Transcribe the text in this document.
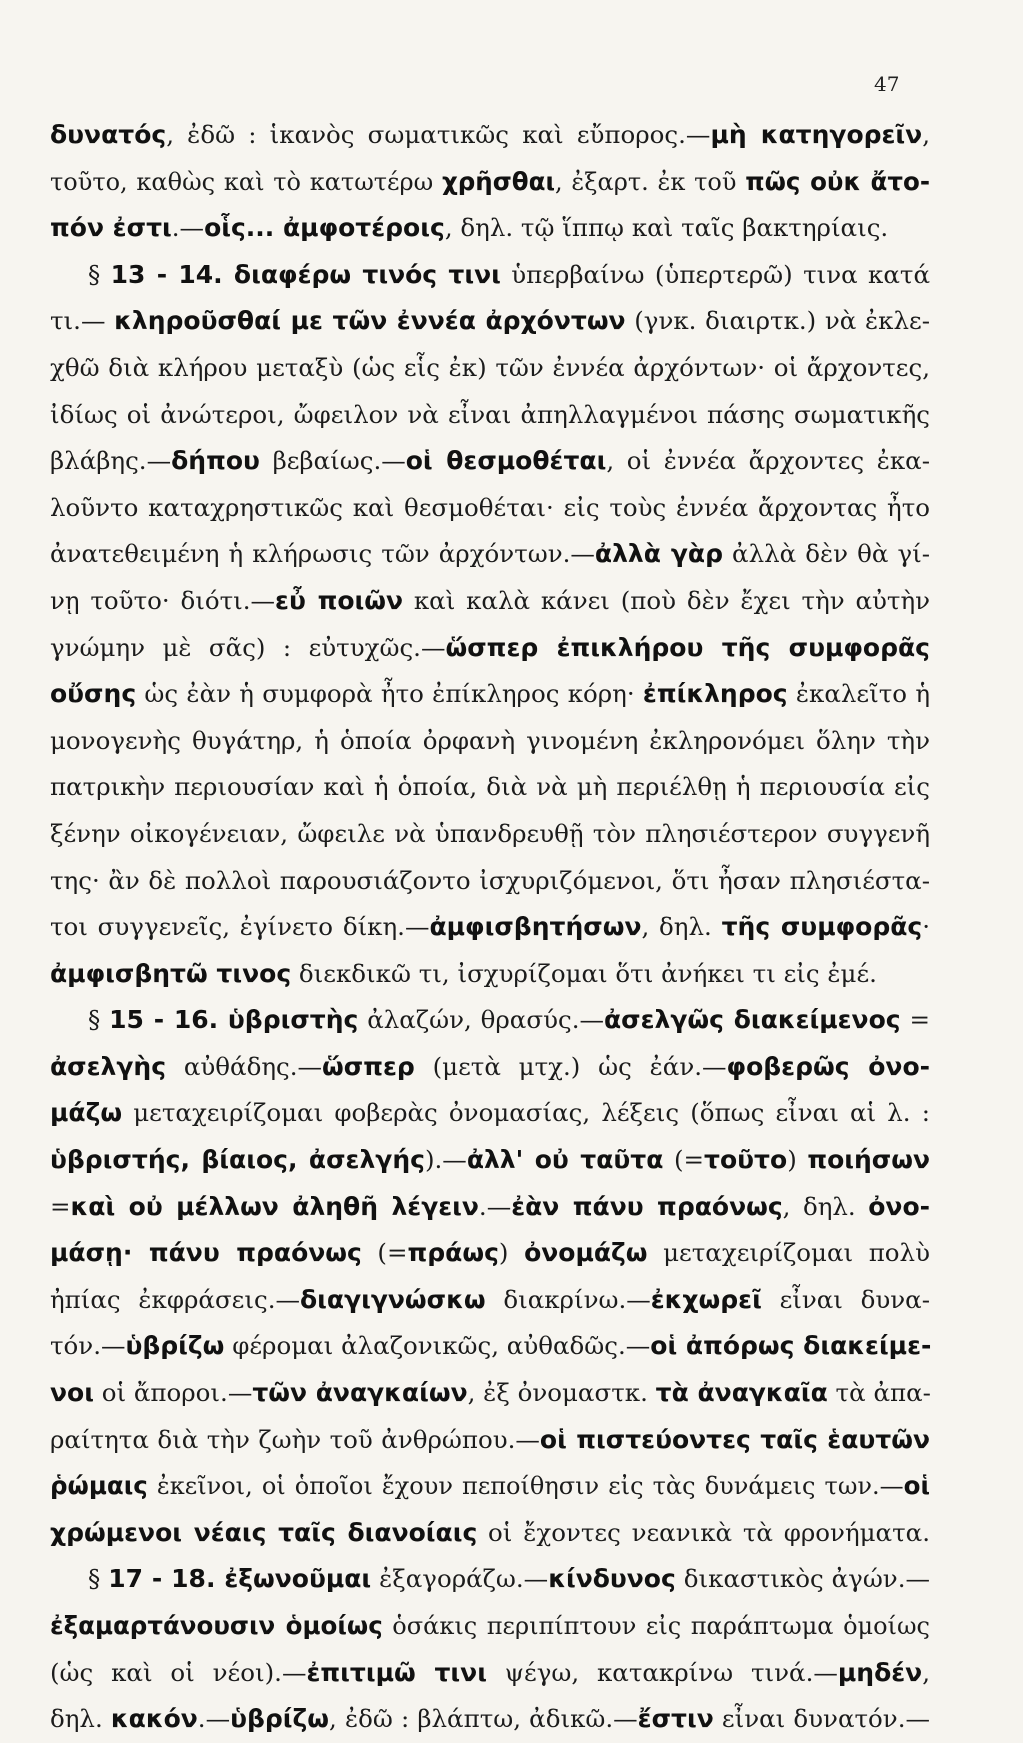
47
δυνατός, ἐδῶ : ἱκανὸς σωματικῶς καὶ εὔπορος.—μὴ κατηγορεῖν,
τοῦτο, καθὼς καὶ τὸ κατωτέρω χρῆσθαι, ἐξαρτ. ἐκ τοῦ πῶς οὐκ ἄτο-
πόν ἐστι.—οἷς... ἀμφοτέροις, δηλ. τῷ ἵππῳ καὶ ταῖς βακτηρίαις.
§ 13 - 14. διαφέρω τινός τινι ὑπερβαίνω (ὑπερτερῶ) τινα κατά
τι.— κληροῦσθαί με τῶν ἐννέα ἀρχόντων (γνκ. διαιρτκ.) νὰ ἐκλε-
χθῶ διὰ κλήρου μεταξὺ (ὡς εἷς ἐκ) τῶν ἐννέα ἀρχόντων· οἱ ἄρχοντες,
ἰδίως οἱ ἀνώτεροι, ὤφειλον νὰ εἶναι ἀπηλλαγμένοι πάσης σωματικῆς
βλάβης.—δήπου βεβαίως.—οἱ θεσμοθέται, οἱ ἐννέα ἄρχοντες ἐκα-
λοῦντο καταχρηστικῶς καὶ θεσμοθέται· εἰς τοὺς ἐννέα ἄρχοντας ἦτο
ἀνατεθειμένη ἡ κλήρωσις τῶν ἀρχόντων.—ἀλλὰ γὰρ ἀλλὰ δὲν θὰ γί-
νῃ τοῦτο· διότι.—εὖ ποιῶν καὶ καλὰ κάνει (ποὺ δὲν ἔχει τὴν αὐτὴν
γνώμην μὲ σᾶς) : εὐτυχῶς.—ὥσπερ ἐπικλήρου τῆς συμφορᾶς
οὔσης ὡς ἐὰν ἡ συμφορὰ ἦτο ἐπίκληρος κόρη· ἐπίκληρος ἐκαλεῖτο ἡ
μονογενὴς θυγάτηρ, ἡ ὁποία ὀρφανὴ γινομένη ἐκληρονόμει ὅλην τὴν
πατρικὴν περιουσίαν καὶ ἡ ὁποία, διὰ νὰ μὴ περιέλθῃ ἡ περιουσία εἰς
ξένην οἰκογένειαν, ὤφειλε νὰ ὑπανδρευθῇ τὸν πλησιέστερον συγγενῆ
της· ἂν δὲ πολλοὶ παρουσιάζοντο ἰσχυριζόμενοι, ὅτι ἦσαν πλησιέστα-
τοι συγγενεῖς, ἐγίνετο δίκη.—ἀμφισβητήσων, δηλ. τῆς συμφορᾶς·
ἀμφισβητῶ τινος διεκδικῶ τι, ἰσχυρίζομαι ὅτι ἀνήκει τι εἰς ἐμέ.
§ 15 - 16. ὑβριστὴς ἀλαζών, θρασύς.—ἀσελγῶς διακείμενος =
ἀσελγὴς αὐθάδης.—ὥσπερ (μετὰ μτχ.) ὡς ἐάν.—φοβερῶς ὀνο-
μάζω μεταχειρίζομαι φοβερὰς ὀνομασίας, λέξεις (ὅπως εἶναι αἱ λ. :
ὑβριστής, βίαιος, ἀσελγής).—ἀλλ' οὐ ταῦτα (=τοῦτο) ποιήσων
=καὶ οὐ μέλλων ἀληθῆ λέγειν.—ἐὰν πάνυ πραόνως, δηλ. ὀνο-
μάσῃ· πάνυ πραόνως (=πράως) ὀνομάζω μεταχειρίζομαι πολὺ
ἠπίας ἐκφράσεις.—διαγιγνώσκω διακρίνω.—ἐκχωρεῖ εἶναι δυνα-
τόν.—ὑβρίζω φέρομαι ἀλαζονικῶς, αὐθαδῶς.—οἱ ἀπόρως διακείμε-
νοι οἱ ἄποροι.—τῶν ἀναγκαίων, ἐξ ὀνομαστκ. τὰ ἀναγκαῖα τὰ ἀπα-
ραίτητα διὰ τὴν ζωὴν τοῦ ἀνθρώπου.—οἱ πιστεύοντες ταῖς ἑαυτῶν
ῥώμαις ἐκεῖνοι, οἱ ὁποῖοι ἔχουν πεποίθησιν εἰς τὰς δυνάμεις των.—οἱ
χρώμενοι νέαις ταῖς διανοίαις οἱ ἔχοντες νεανικὰ τὰ φρονήματα.
§ 17 - 18. ἐξωνοῦμαι ἐξαγοράζω.—κίνδυνος δικαστικὸς ἀγών.—
ἐξαμαρτάνουσιν ὁμοίως ὁσάκις περιπίπτουν εἰς παράπτωμα ὁμοίως
(ὡς καὶ οἱ νέοι).—ἐπιτιμῶ τινι ψέγω, κατακρίνω τινά.—μηδέν,
δηλ. κακόν.—ὑβρίζω, ἐδῶ : βλάπτω, ἀδικῶ.—ἔστιν εἶναι δυνατόν.—
